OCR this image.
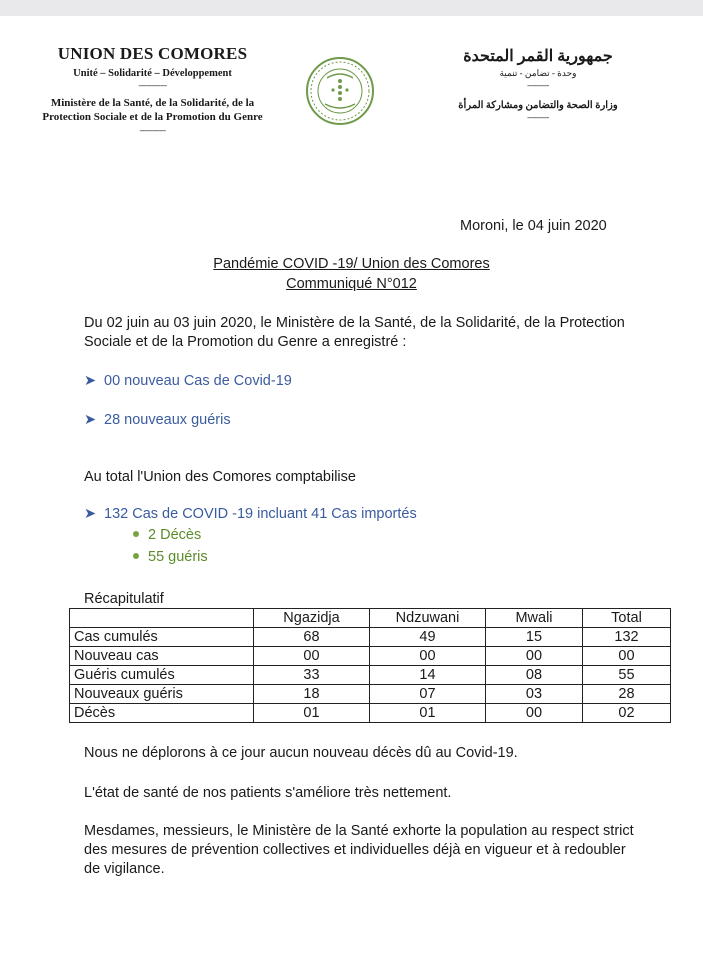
UNION DES COMORES
Unité – Solidarité – Développement
-------------
Ministère de la Santé, de la Solidarité, de la
Protection Sociale et de la Promotion du Genre
------------
جمهورية القمر المتحدة
وحدة - تضامن - تنمية
----------
وزارة الصحة والتضامن ومشاركة المرأة
----------
Moroni, le 04 juin 2020
Pandémie COVID -19/ Union des Comores
Communiqué N°012
Du 02 juin au 03 juin 2020, le Ministère de la Santé, de la Solidarité, de la Protection Sociale et de la Promotion du Genre a enregistré :
➤ 00 nouveau Cas de Covid-19
➤ 28 nouveaux guéris
Au total l'Union des Comores comptabilise
➤ 132 Cas de COVID -19 incluant 41 Cas importés
2 Décès
55 guéris
Récapitulatif
	Ngazidja	Ndzuwani	Mwali	Total
Cas cumulés	68	49	15	132
Nouveau cas	00	00	00	00
Guéris cumulés	33	14	08	55
Nouveaux guéris	18	07	03	28
Décès	01	01	00	02
Nous ne déplorons à ce jour aucun nouveau décès dû au Covid-19.
L'état de santé de nos patients s'améliore très nettement.
Mesdames, messieurs, le Ministère de la Santé exhorte la population au respect strict des mesures de prévention collectives et individuelles déjà en vigueur et à redoubler de vigilance.
